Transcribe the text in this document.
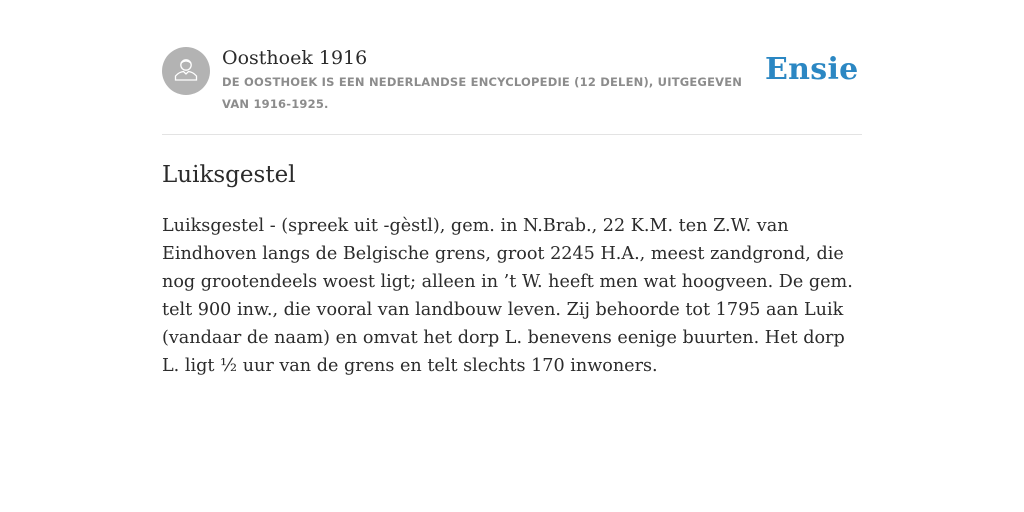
Oosthoek 1916
DE OOSTHOEK IS EEN NEDERLANDSE ENCYCLOPEDIE (12 DELEN), UITGEGEVEN VAN 1916-1925.
Ensie
Luiksgestel

Luiksgestel - (spreek uit -gèstl), gem. in N.Brab., 22 K.M. ten Z.W. van Eindhoven langs de Belgische grens, groot 2245 H.A., meest zandgrond, die nog grootendeels woest ligt; alleen in ’t W. heeft men wat hoogveen. De gem. telt 900 inw., die vooral van landbouw leven. Zij behoorde tot 1795 aan Luik (vandaar de naam) en omvat het dorp L. benevens eenige buurten. Het dorp L. ligt ½ uur van de grens en telt slechts 170 inwoners.
